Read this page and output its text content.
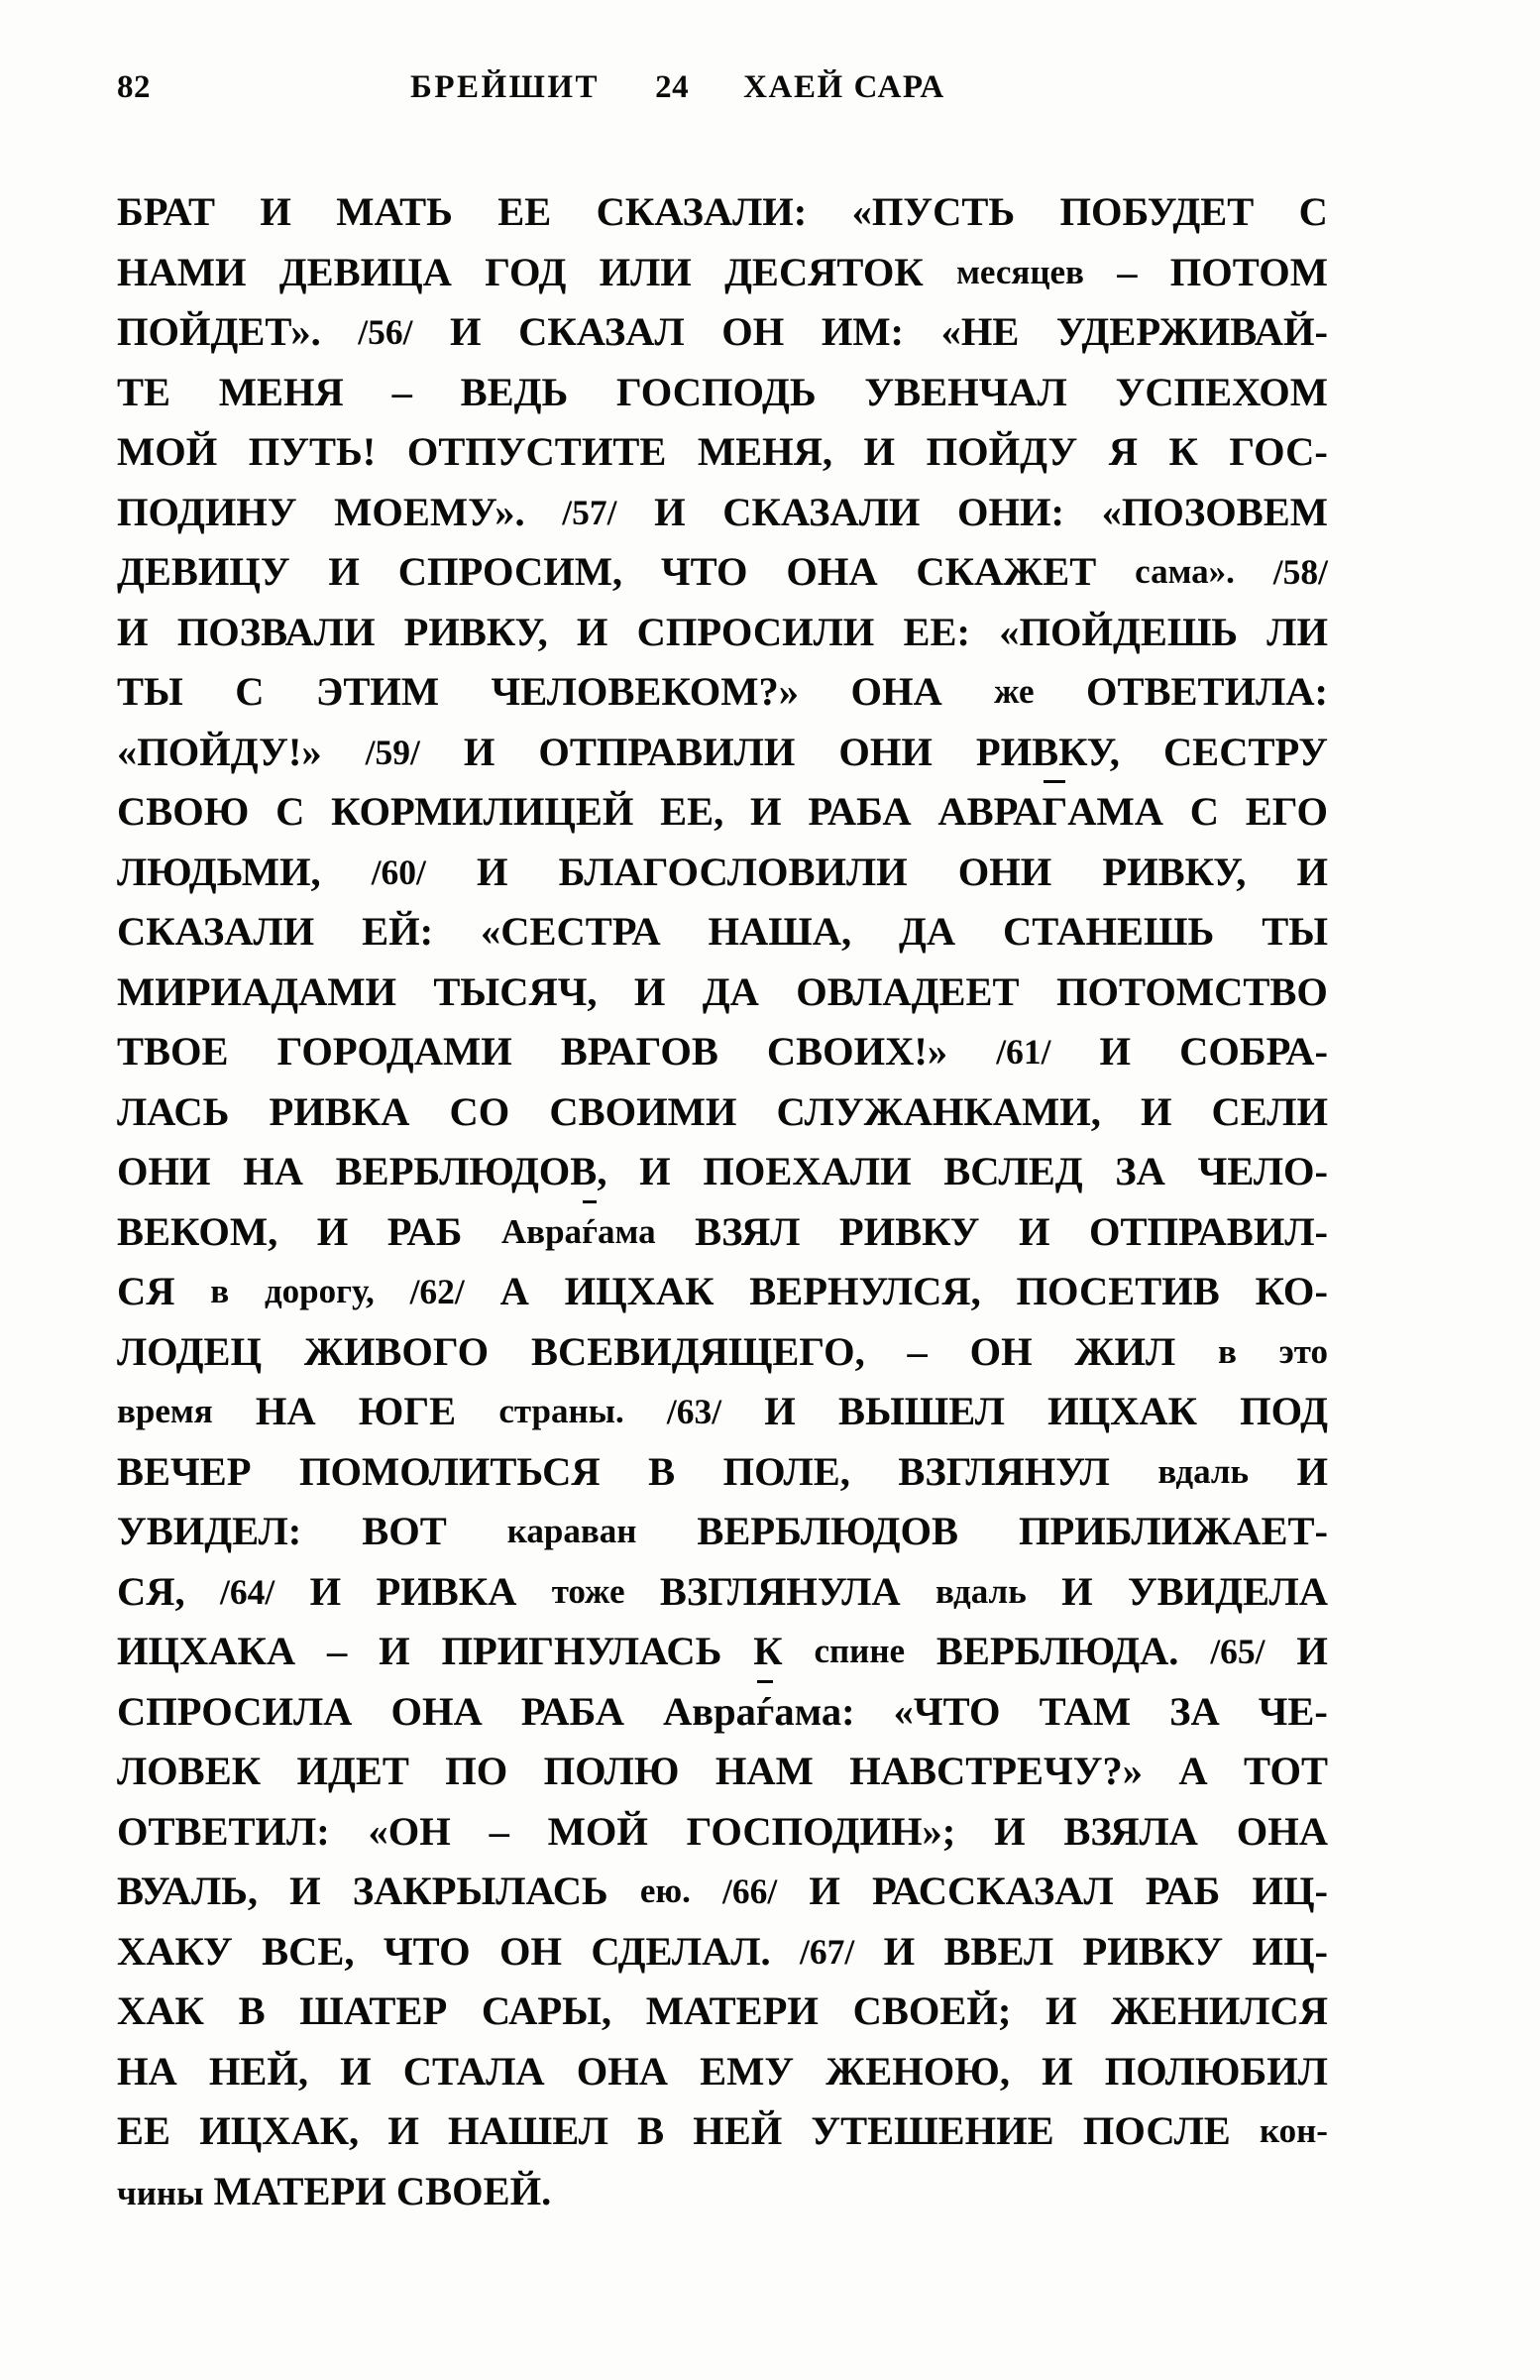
82	БРЕЙШИТ 24 ХАЕЙ САРА
БРАТ И МАТЬ ЕЕ СКАЗАЛИ: «ПУСТЬ ПОБУДЕТ С
НАМИ ДЕВИЦА ГОД ИЛИ ДЕСЯТОК месяцев – ПОТОМ
ПОЙДЕТ». /56/ И СКАЗАЛ ОН ИМ: «НЕ УДЕРЖИВАЙ-
ТЕ МЕНЯ – ВЕДЬ ГОСПОДЬ УВЕНЧАЛ УСПЕХОМ
МОЙ ПУТЬ! ОТПУСТИТЕ МЕНЯ, И ПОЙДУ Я К ГОС-
ПОДИНУ МОЕМУ». /57/ И СКАЗАЛИ ОНИ: «ПОЗОВЕМ
ДЕВИЦУ И СПРОСИМ, ЧТО ОНА СКАЖЕТ сама». /58/
И ПОЗВАЛИ РИВКУ, И СПРОСИЛИ ЕЕ: «ПОЙДЕШЬ ЛИ
ТЫ С ЭТИМ ЧЕЛОВЕКОМ?» ОНА же ОТВЕТИЛА:
«ПОЙДУ!» /59/ И ОТПРАВИЛИ ОНИ РИВКУ, СЕСТРУ
СВОЮ С КОРМИЛИЦЕЙ ЕЕ, И РАБА АВРАГАМА С ЕГО
ЛЮДЬМИ, /60/ И БЛАГОСЛОВИЛИ ОНИ РИВКУ, И
СКАЗАЛИ ЕЙ: «СЕСТРА НАША, ДА СТАНЕШЬ ТЫ
МИРИАДАМИ ТЫСЯЧ, И ДА ОВЛАДЕЕТ ПОТОМСТВО
ТВОЕ ГОРОДАМИ ВРАГОВ СВОИХ!» /61/ И СОБРА-
ЛАСЬ РИВКА СО СВОИМИ СЛУЖАНКАМИ, И СЕЛИ
ОНИ НА ВЕРБЛЮДОВ, И ПОЕХАЛИ ВСЛЕД ЗА ЧЕЛО-
ВЕКОМ, И РАБ Авраѓама ВЗЯЛ РИВКУ И ОТПРАВИЛ-
СЯ в дорогу, /62/ А ИЦХАК ВЕРНУЛСЯ, ПОСЕТИВ КО-
ЛОДЕЦ ЖИВОГО ВСЕВИДЯЩЕГО, – ОН ЖИЛ в это
время НА ЮГЕ страны. /63/ И ВЫШЕЛ ИЦХАК ПОД
ВЕЧЕР ПОМОЛИТЬСЯ В ПОЛЕ, ВЗГЛЯНУЛ вдаль И
УВИДЕЛ: ВОТ караван ВЕРБЛЮДОВ ПРИБЛИЖАЕТ-
СЯ, /64/ И РИВКА тоже ВЗГЛЯНУЛА вдаль И УВИДЕЛА
ИЦХАКА – И ПРИГНУЛАСЬ К спине ВЕРБЛЮДА. /65/ И
СПРОСИЛА ОНА РАБА Авраѓама: «ЧТО ТАМ ЗА ЧЕ-
ЛОВЕК ИДЕТ ПО ПОЛЮ НАМ НАВСТРЕЧУ?» А ТОТ
ОТВЕТИЛ: «ОН – МОЙ ГОСПОДИН»; И ВЗЯЛА ОНА
ВУАЛЬ, И ЗАКРЫЛАСЬ ею. /66/ И РАССКАЗАЛ РАБ ИЦ-
ХАКУ ВСЕ, ЧТО ОН СДЕЛАЛ. /67/ И ВВЕЛ РИВКУ ИЦ-
ХАК В ШАТЕР САРЫ, МАТЕРИ СВОЕЙ; И ЖЕНИЛСЯ
НА НЕЙ, И СТАЛА ОНА ЕМУ ЖЕНОЮ, И ПОЛЮБИЛ
ЕЕ ИЦХАК, И НАШЕЛ В НЕЙ УТЕШЕНИЕ ПОСЛЕ кон-
чины МАТЕРИ СВОЕЙ.
